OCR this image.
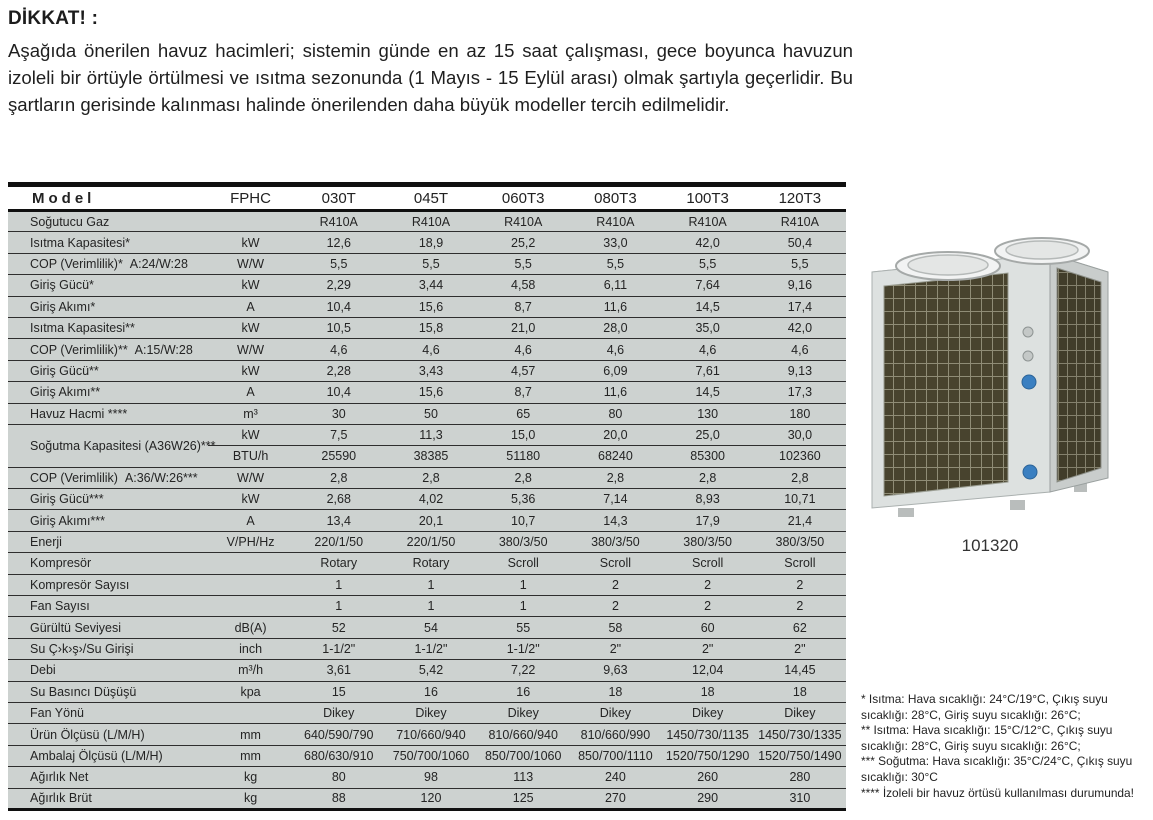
DİKKAT! :

Aşağıda önerilen havuz hacimleri; sistemin günde en az 15 saat çalışması, gece boyunca havuzun izoleli bir örtüyle örtülmesi ve ısıtma sezonunda (1 Mayıs - 15 Eylül arası) olmak şartıyla geçerlidir. Bu şartların gerisinde kalınması halinde önerilenden daha büyük modeller tercih edilmelidir.

Model	FPHC	030T	045T	060T3	080T3	100T3	120T3
Soğutucu Gaz		R410A	R410A	R410A	R410A	R410A	R410A
Isıtma Kapasitesi*	kW	12,6	18,9	25,2	33,0	42,0	50,4
COP (Verimlilik)*  A:24/W:28	W/W	5,5	5,5	5,5	5,5	5,5	5,5
Giriş Gücü*	kW	2,29	3,44	4,58	6,11	7,64	9,16
Giriş Akımı*	A	10,4	15,6	8,7	11,6	14,5	17,4
Isıtma Kapasitesi**	kW	10,5	15,8	21,0	28,0	35,0	42,0
COP (Verimlilik)**  A:15/W:28	W/W	4,6	4,6	4,6	4,6	4,6	4,6
Giriş Gücü**	kW	2,28	3,43	4,57	6,09	7,61	9,13
Giriş Akımı**	A	10,4	15,6	8,7	11,6	14,5	17,3
Havuz Hacmi ****	m³	30	50	65	80	130	180
Soğutma Kapasitesi (A36W26)***	kW	7,5	11,3	15,0	20,0	25,0	30,0
	BTU/h	25590	38385	51180	68240	85300	102360
COP (Verimlilik)  A:36/W:26***	W/W	2,8	2,8	2,8	2,8	2,8	2,8
Giriş Gücü***	kW	2,68	4,02	5,36	7,14	8,93	10,71
Giriş Akımı***	A	13,4	20,1	10,7	14,3	17,9	21,4
Enerji	V/PH/Hz	220/1/50	220/1/50	380/3/50	380/3/50	380/3/50	380/3/50
Kompresör		Rotary	Rotary	Scroll	Scroll	Scroll	Scroll
Kompresör Sayısı		1	1	1	2	2	2
Fan Sayısı		1	1	1	2	2	2
Gürültü Seviyesi	dB(A)	52	54	55	58	60	62
Su Ç›k›ş›/Su Girişi	inch	1-1/2"	1-1/2"	1-1/2"	2"	2"	2"
Debi	m³/h	3,61	5,42	7,22	9,63	12,04	14,45
Su Basıncı Düşüşü	kpa	15	16	16	18	18	18
Fan Yönü		Dikey	Dikey	Dikey	Dikey	Dikey	Dikey
Ürün Ölçüsü (L/M/H)	mm	640/590/790	710/660/940	810/660/940	810/660/990	1450/730/1135	1450/730/1335
Ambalaj Ölçüsü (L/M/H)	mm	680/630/910	750/700/1060	850/700/1060	850/700/1110	1520/750/1290	1520/750/1490
Ağırlık Net	kg	80	98	113	240	260	280
Ağırlık Brüt	kg	88	120	125	270	290	310
101320
* Isıtma: Hava sıcaklığı: 24°C/19°C, Çıkış suyu sıcaklığı: 28°C, Giriş suyu sıcaklığı: 26°C;
** Isıtma: Hava sıcaklığı: 15°C/12°C, Çıkış suyu sıcaklığı: 28°C, Giriş suyu sıcaklığı: 26°C;
*** Soğutma: Hava sıcaklığı: 35°C/24°C, Çıkış suyu sıcaklığı: 30°C
**** İzoleli bir havuz örtüsü kullanılması durumunda!
